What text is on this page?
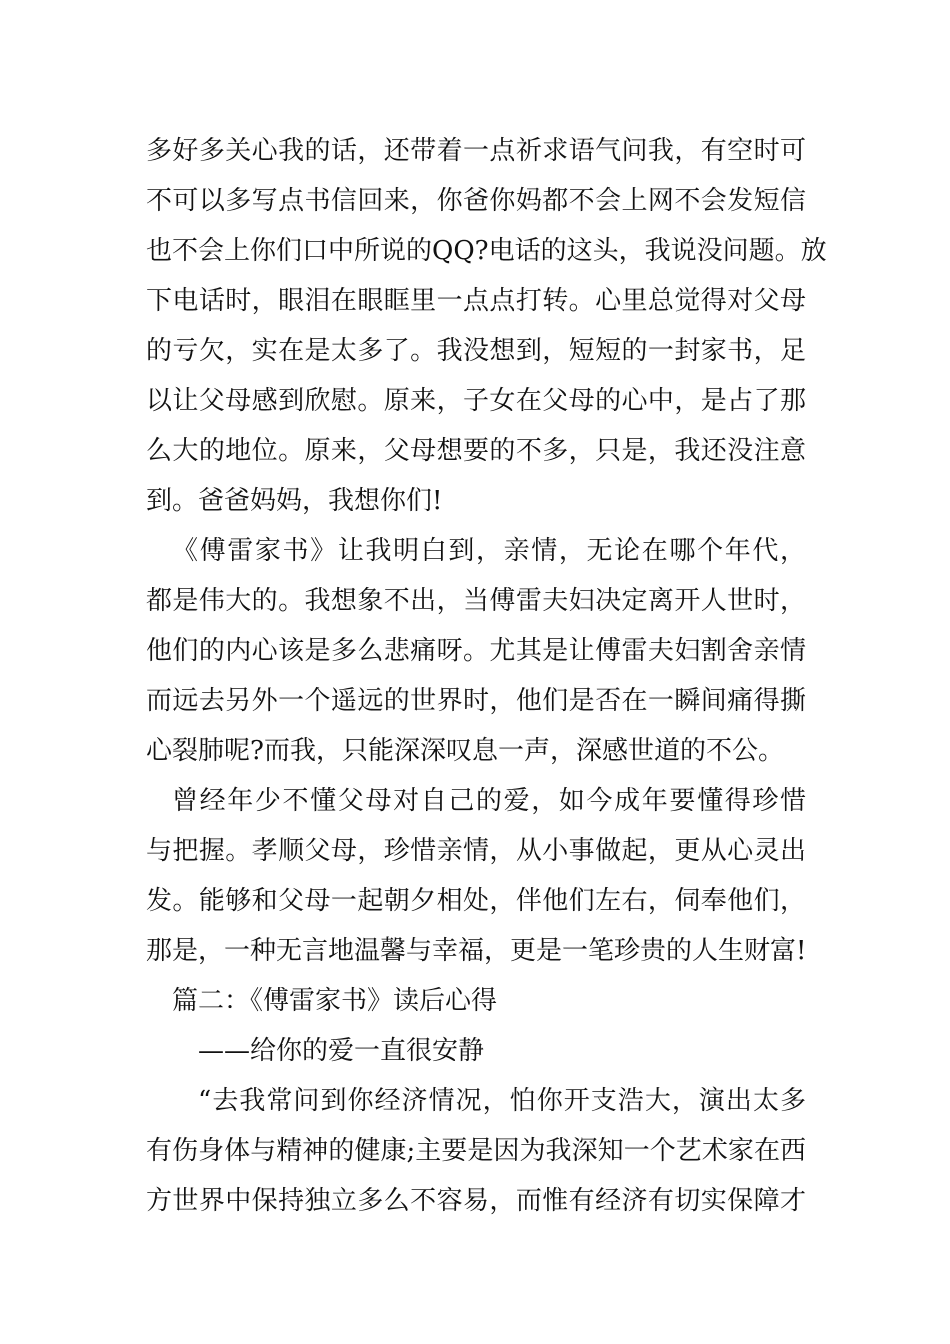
多好多关心我的话，还带着一点祈求语气问我，有空时可
不可以多写点书信回来，你爸你妈都不会上网不会发短信
也不会上你们口中所说的QQ?电话的这头，我说没问题。放
下电话时，眼泪在眼眶里一点点打转。心里总觉得对父母
的亏欠，实在是太多了。我没想到，短短的一封家书，足
以让父母感到欣慰。原来，子女在父母的心中，是占了那
么大的地位。原来，父母想要的不多，只是，我还没注意
到。爸爸妈妈，我想你们!
《傅雷家书》让我明白到，亲情，无论在哪个年代，
都是伟大的。我想象不出，当傅雷夫妇决定离开人世时，
他们的内心该是多么悲痛呀。尤其是让傅雷夫妇割舍亲情
而远去另外一个遥远的世界时，他们是否在一瞬间痛得撕
心裂肺呢?而我，只能深深叹息一声，深感世道的不公。
曾经年少不懂父母对自己的爱，如今成年要懂得珍惜
与把握。孝顺父母，珍惜亲情，从小事做起，更从心灵出
发。能够和父母一起朝夕相处，伴他们左右，伺奉他们，
那是，一种无言地温馨与幸福，更是一笔珍贵的人生财富!
篇二：《傅雷家书》读后心得
——给你的爱一直很安静
“去我常问到你经济情况，怕你开支浩大，演出太多
有伤身体与精神的健康;主要是因为我深知一个艺术家在西
方世界中保持独立多么不容易，而惟有经济有切实保障才
